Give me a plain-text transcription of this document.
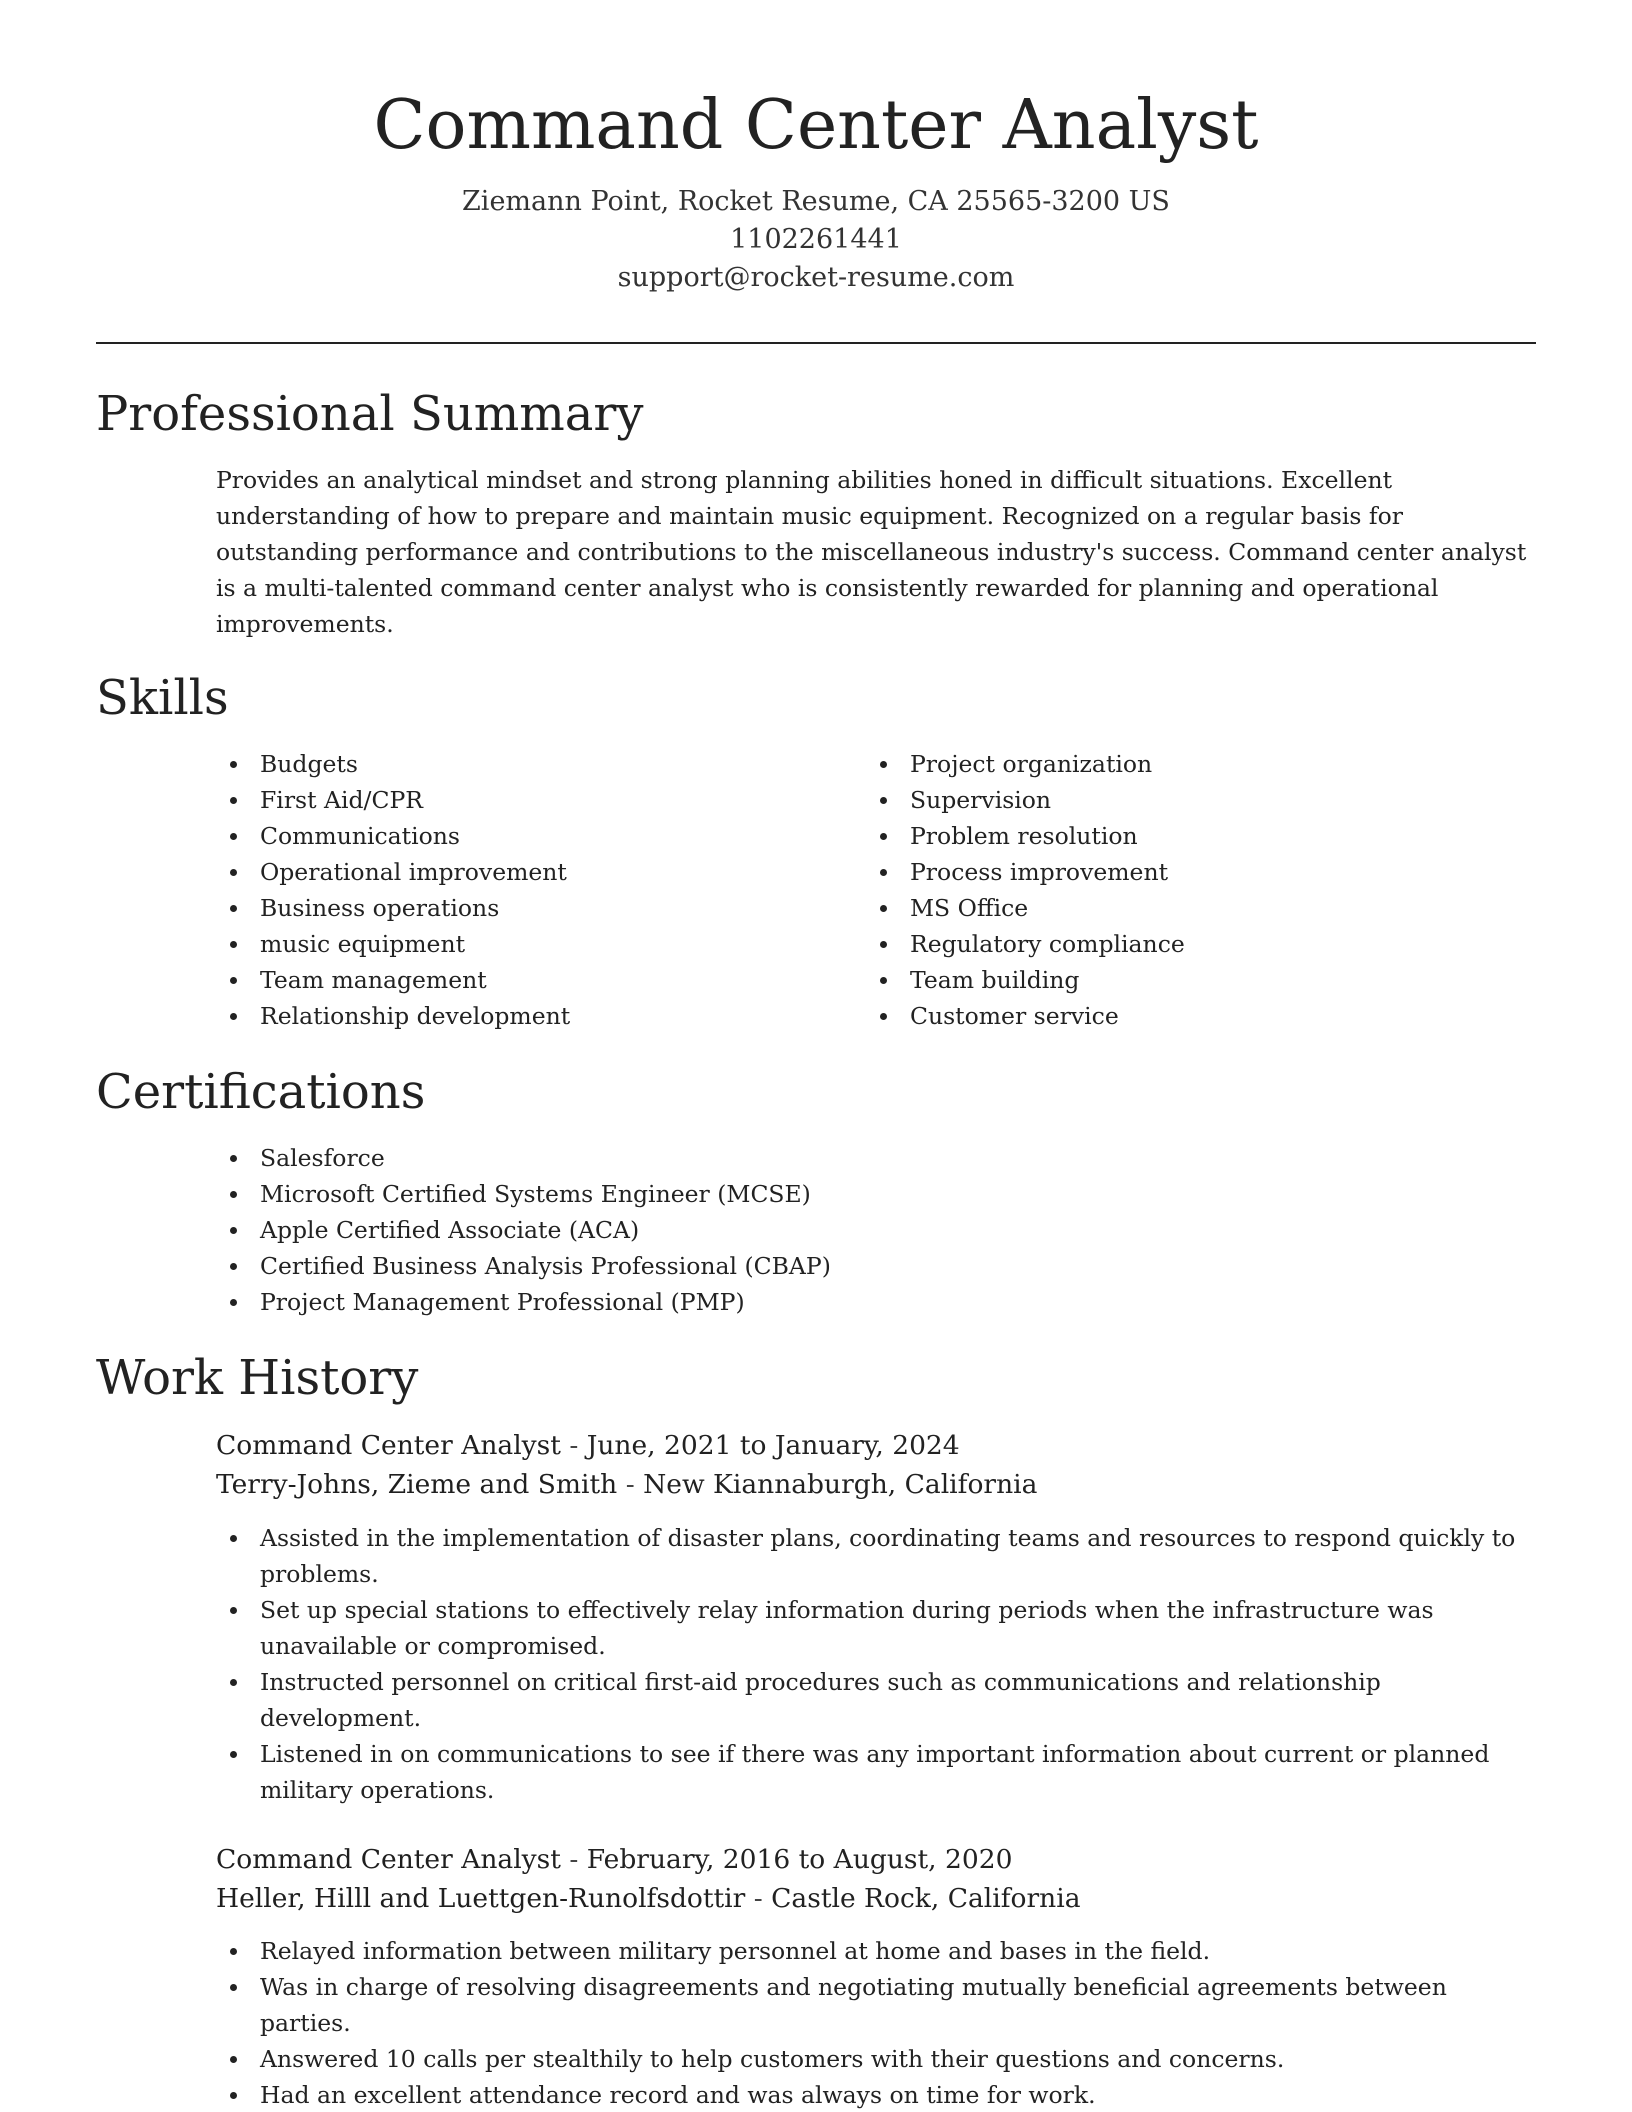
Command Center Analyst
Ziemann Point, Rocket Resume, CA 25565-3200 US
1102261441
support@rocket-resume.com
Professional Summary

Provides an analytical mindset and strong planning abilities honed in difficult situations. Excellent understanding of how to prepare and maintain music equipment. Recognized on a regular basis for outstanding performance and contributions to the miscellaneous industry's success. Command center analyst is a multi-talented command center analyst who is consistently rewarded for planning and operational improvements.

Skills
Budgets
First Aid/CPR
Communications
Operational improvement
Business operations
music equipment
Team management
Relationship development
Project organization
Supervision
Problem resolution
Process improvement
MS Office
Regulatory compliance
Team building
Customer service
Certifications
Salesforce
Microsoft Certified Systems Engineer (MCSE)
Apple Certified Associate (ACA)
Certified Business Analysis Professional (CBAP)
Project Management Professional (PMP)
Work History
Command Center Analyst - June, 2021 to January, 2024
Terry-Johns, Zieme and Smith - New Kiannaburgh, California
Assisted in the implementation of disaster plans, coordinating teams and resources to respond quickly to problems.
Set up special stations to effectively relay information during periods when the infrastructure was unavailable or compromised.
Instructed personnel on critical first-aid procedures such as communications and relationship development.
Listened in on communications to see if there was any important information about current or planned military operations.
Command Center Analyst - February, 2016 to August, 2020
Heller, Hilll and Luettgen-Runolfsdottir - Castle Rock, California
Relayed information between military personnel at home and bases in the field.
Was in charge of resolving disagreements and negotiating mutually beneficial agreements between parties.
Answered 10 calls per stealthily to help customers with their questions and concerns.
Had an excellent attendance record and was always on time for work.
